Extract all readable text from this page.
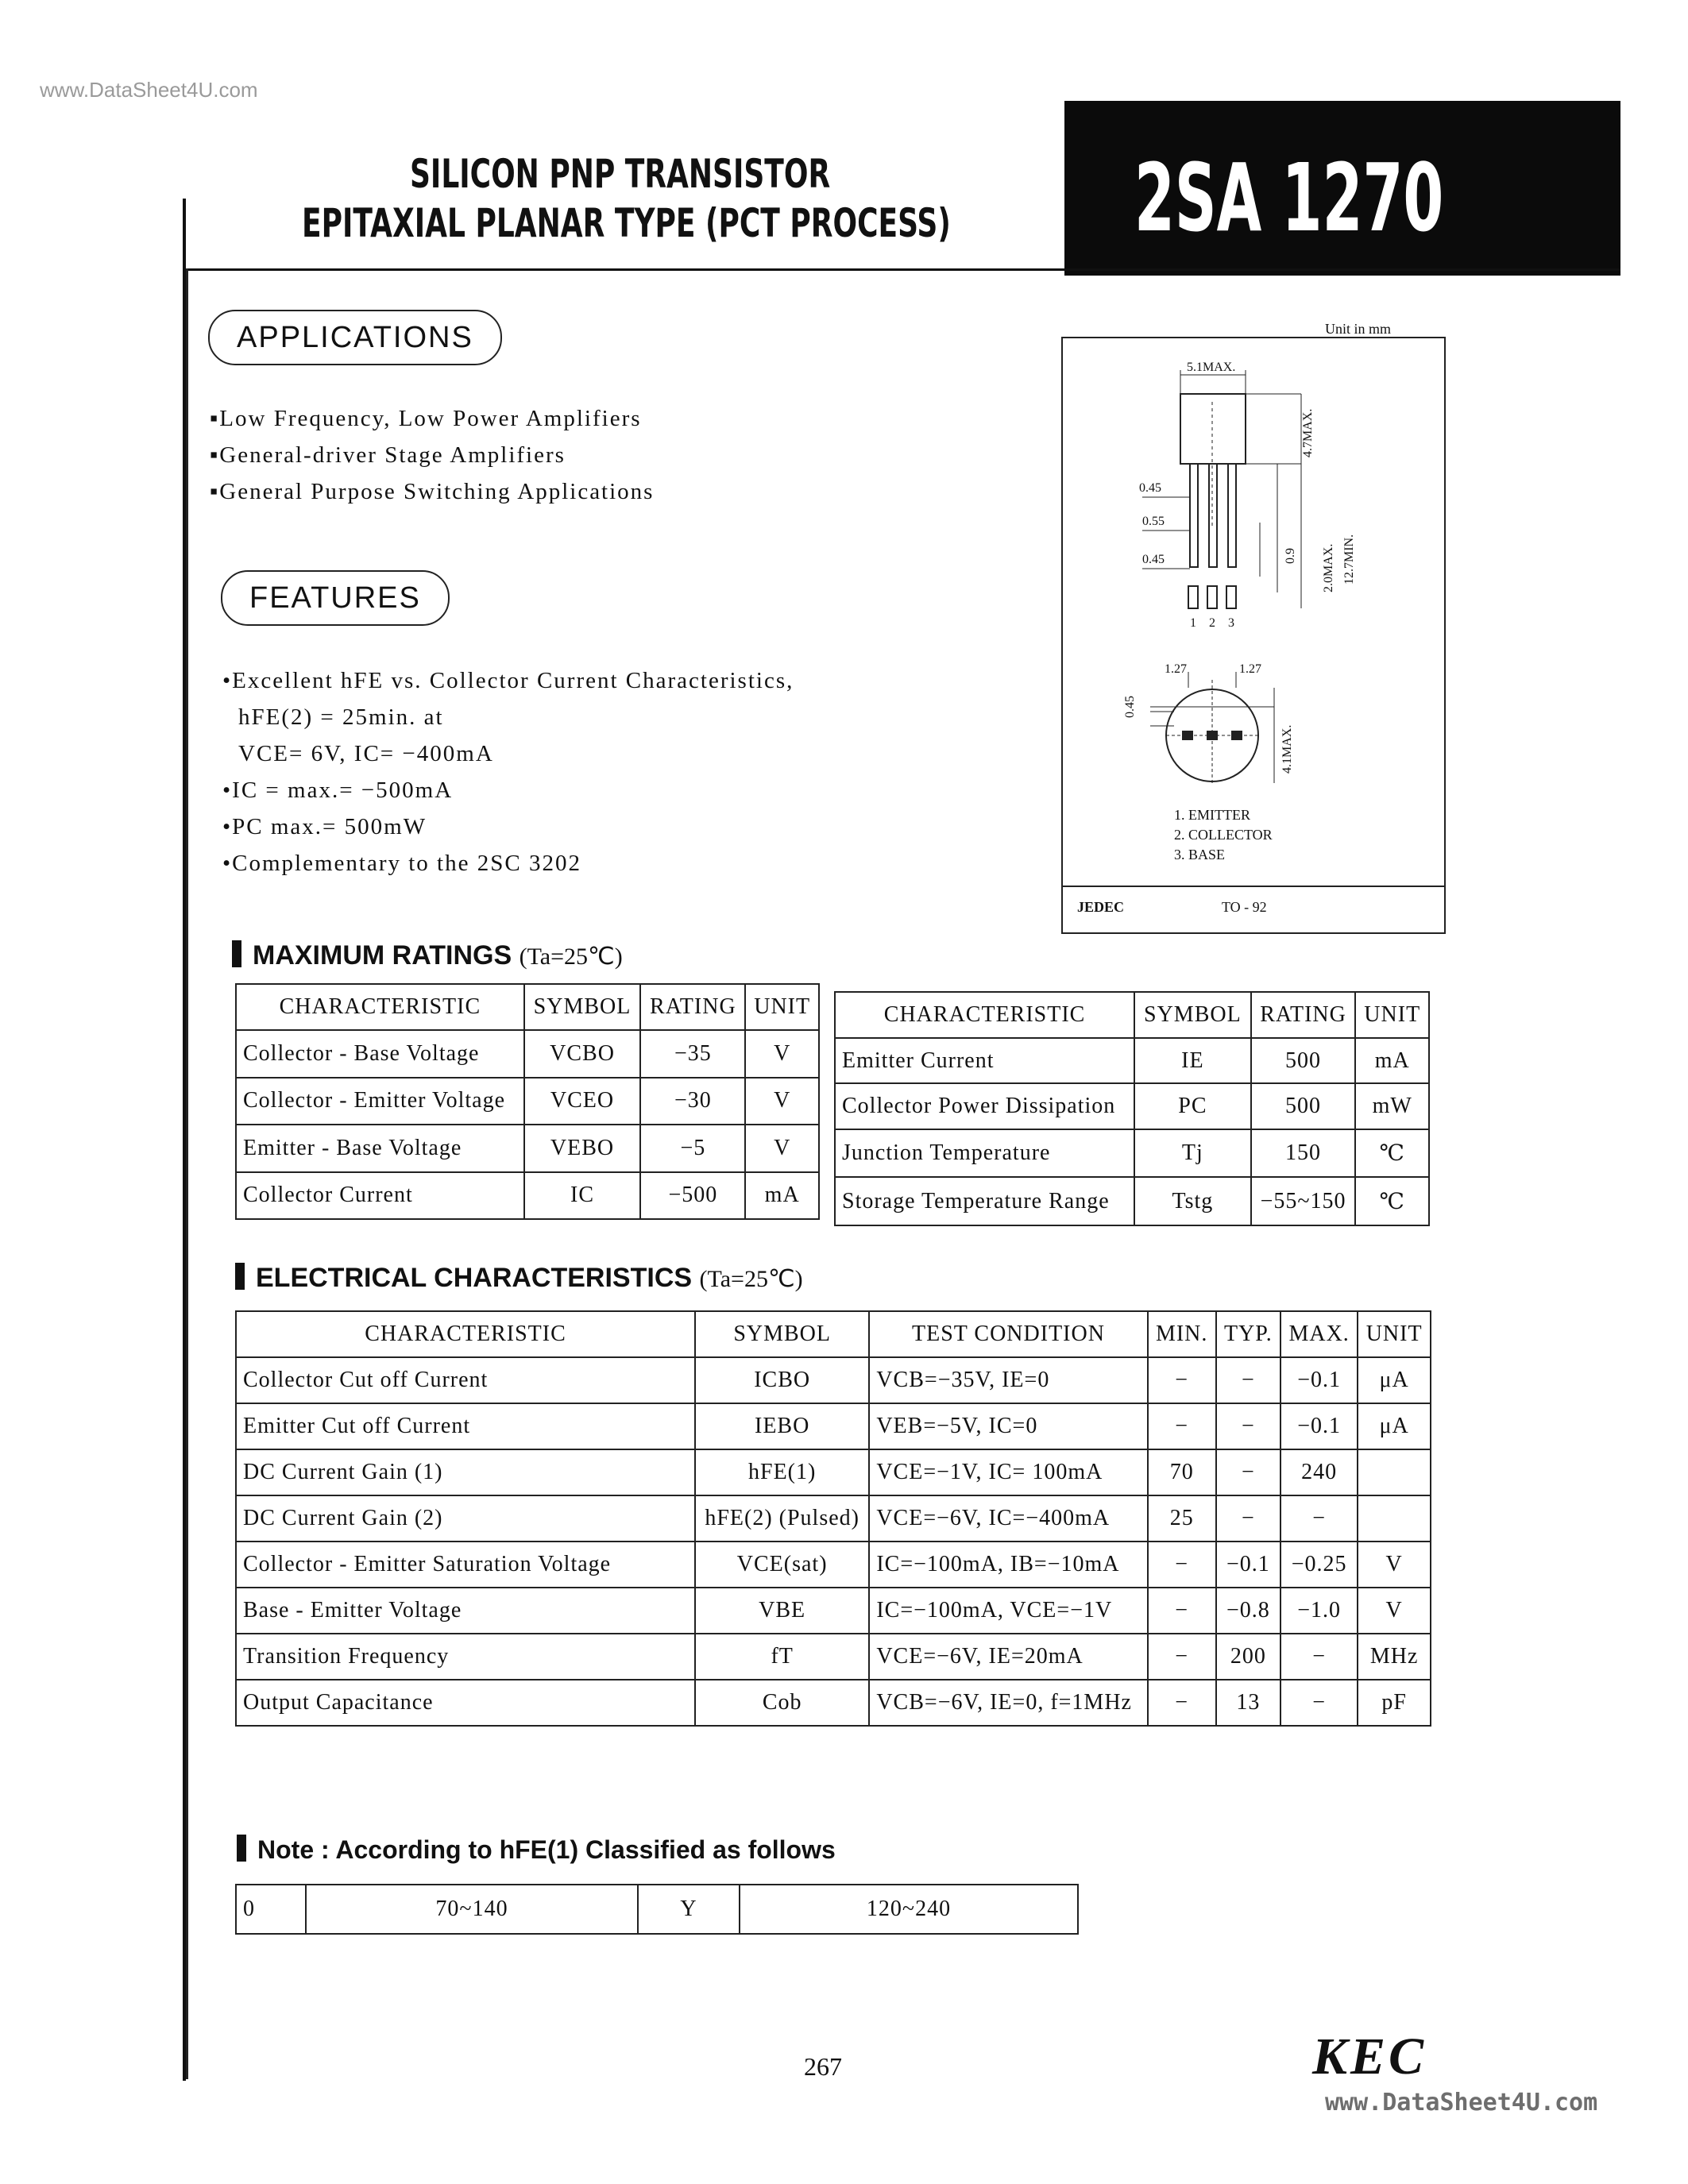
www.DataSheet4U.com
www.DataSheet4U.com
SILICON PNP TRANSISTOR
EPITAXIAL PLANAR TYPE (PCT PROCESS) 2SA 1270
APPLICATIONS
▪Low Frequency, Low Power Amplifiers
▪General-driver Stage Amplifiers
▪General Purpose Switching Applications
FEATURES
•Excellent hFE vs. Collector Current Characteristics,
hFE(2) = 25min. at
VCE= 6V, IC= −400mA
•IC = max.= −500mA
•PC max.= 500mW
•Complementary to the 2SC 3202
Unit in mm
5.1MAX.
4.7MAX.
0.45
0.55
0.45	0.9 2.0MAX. 12.7MIN.
1 2 3
1.27	1.27
0.45
4.1MAX.
1. EMITTER
2. COLLECTOR
3. BASE
JEDEC	TO - 92
MAXIMUM RATINGS (Ta=25℃)
CHARACTERISTIC	SYMBOL	RATING	UNIT
Collector - Base Voltage	VCBO	−35	V
Collector - Emitter Voltage	VCEO	−30	V
Emitter - Base Voltage	VEBO	−5	V
Collector Current	IC	−500	mA
CHARACTERISTIC	SYMBOL	RATING	UNIT
Emitter Current	IE	500	mA
Collector Power Dissipation	PC	500	mW
Junction Temperature	Tj	150	℃
Storage Temperature Range	Tstg	−55~150	℃
ELECTRICAL CHARACTERISTICS (Ta=25℃)
CHARACTERISTIC	SYMBOL	TEST CONDITION	MIN.	TYP.	MAX.	UNIT
Collector Cut off Current	ICBO	VCB=−35V, IE=0	−	−	−0.1	μA
Emitter Cut off Current	IEBO	VEB=−5V, IC=0	−	−	−0.1	μA
DC Current Gain (1)	hFE(1)	VCE=−1V, IC= 100mA	70	−	240	
DC Current Gain (2)	hFE(2) (Pulsed)	VCE=−6V, IC=−400mA	25	−	−	
Collector - Emitter Saturation Voltage	VCE(sat)	IC=−100mA, IB=−10mA	−	−0.1	−0.25	V
Base - Emitter Voltage	VBE	IC=−100mA, VCE=−1V	−	−0.8	−1.0	V
Transition Frequency	fT	VCE=−6V, IE=20mA	−	200	−	MHz
Output Capacitance	Cob	VCB=−6V, IE=0, f=1MHz	−	13	−	pF
Note : According to hFE(1) Classified as follows
0	70~140	Y	120~240
267	KEC
